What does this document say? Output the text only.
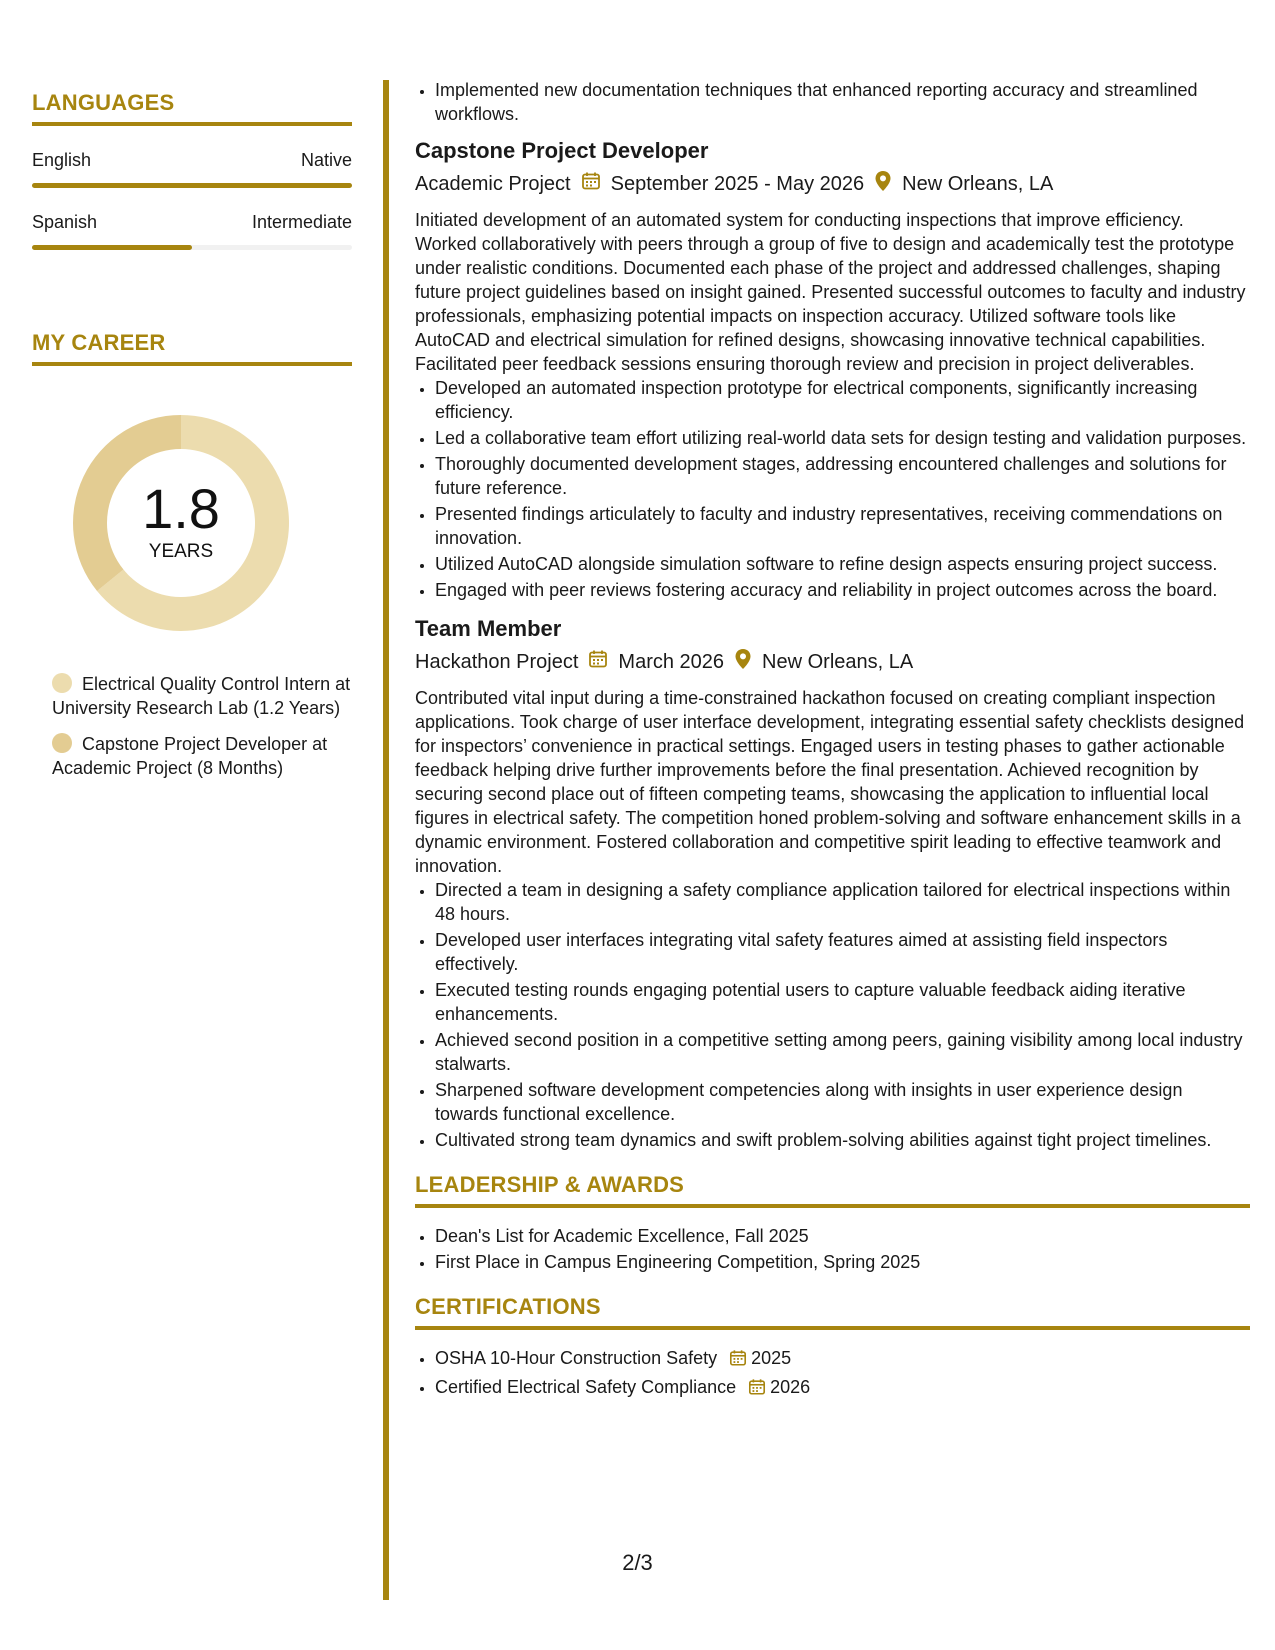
LANGUAGES
English	Native
Spanish	Intermediate
MY CAREER
1.8
YEARS
Electrical Quality Control Intern at University Research Lab (1.2 Years)
Capstone Project Developer at Academic Project (8 Months)
• Implemented new documentation techniques that enhanced reporting accuracy and streamlined workflows.
Capstone Project Developer
Academic Project September 2025 - May 2026 New Orleans, LA
Initiated development of an automated system for conducting inspections that improve efficiency. Worked collaboratively with peers through a group of five to design and academically test the prototype under realistic conditions. Documented each phase of the project and addressed challenges, shaping future project guidelines based on insight gained. Presented successful outcomes to faculty and industry professionals, emphasizing potential impacts on inspection accuracy. Utilized software tools like AutoCAD and electrical simulation for refined designs, showcasing innovative technical capabilities. Facilitated peer feedback sessions ensuring thorough review and precision in project deliverables.
• Developed an automated inspection prototype for electrical components, significantly increasing efficiency.
• Led a collaborative team effort utilizing real-world data sets for design testing and validation purposes.
• Thoroughly documented development stages, addressing encountered challenges and solutions for future reference.
• Presented findings articulately to faculty and industry representatives, receiving commendations on innovation.
• Utilized AutoCAD alongside simulation software to refine design aspects ensuring project success.
• Engaged with peer reviews fostering accuracy and reliability in project outcomes across the board.
Team Member
Hackathon Project March 2026 New Orleans, LA
Contributed vital input during a time-constrained hackathon focused on creating compliant inspection applications. Took charge of user interface development, integrating essential safety checklists designed for inspectors’ convenience in practical settings. Engaged users in testing phases to gather actionable feedback helping drive further improvements before the final presentation. Achieved recognition by securing second place out of fifteen competing teams, showcasing the application to influential local figures in electrical safety. The competition honed problem-solving and software enhancement skills in a dynamic environment. Fostered collaboration and competitive spirit leading to effective teamwork and innovation.
• Directed a team in designing a safety compliance application tailored for electrical inspections within 48 hours.
• Developed user interfaces integrating vital safety features aimed at assisting field inspectors effectively.
• Executed testing rounds engaging potential users to capture valuable feedback aiding iterative enhancements.
• Achieved second position in a competitive setting among peers, gaining visibility among local industry stalwarts.
• Sharpened software development competencies along with insights in user experience design towards functional excellence.
• Cultivated strong team dynamics and swift problem-solving abilities against tight project timelines.
LEADERSHIP & AWARDS
• Dean's List for Academic Excellence, Fall 2025
• First Place in Campus Engineering Competition, Spring 2025
CERTIFICATIONS
• OSHA 10-Hour Construction Safety 2025
• Certified Electrical Safety Compliance 2026
2/3
